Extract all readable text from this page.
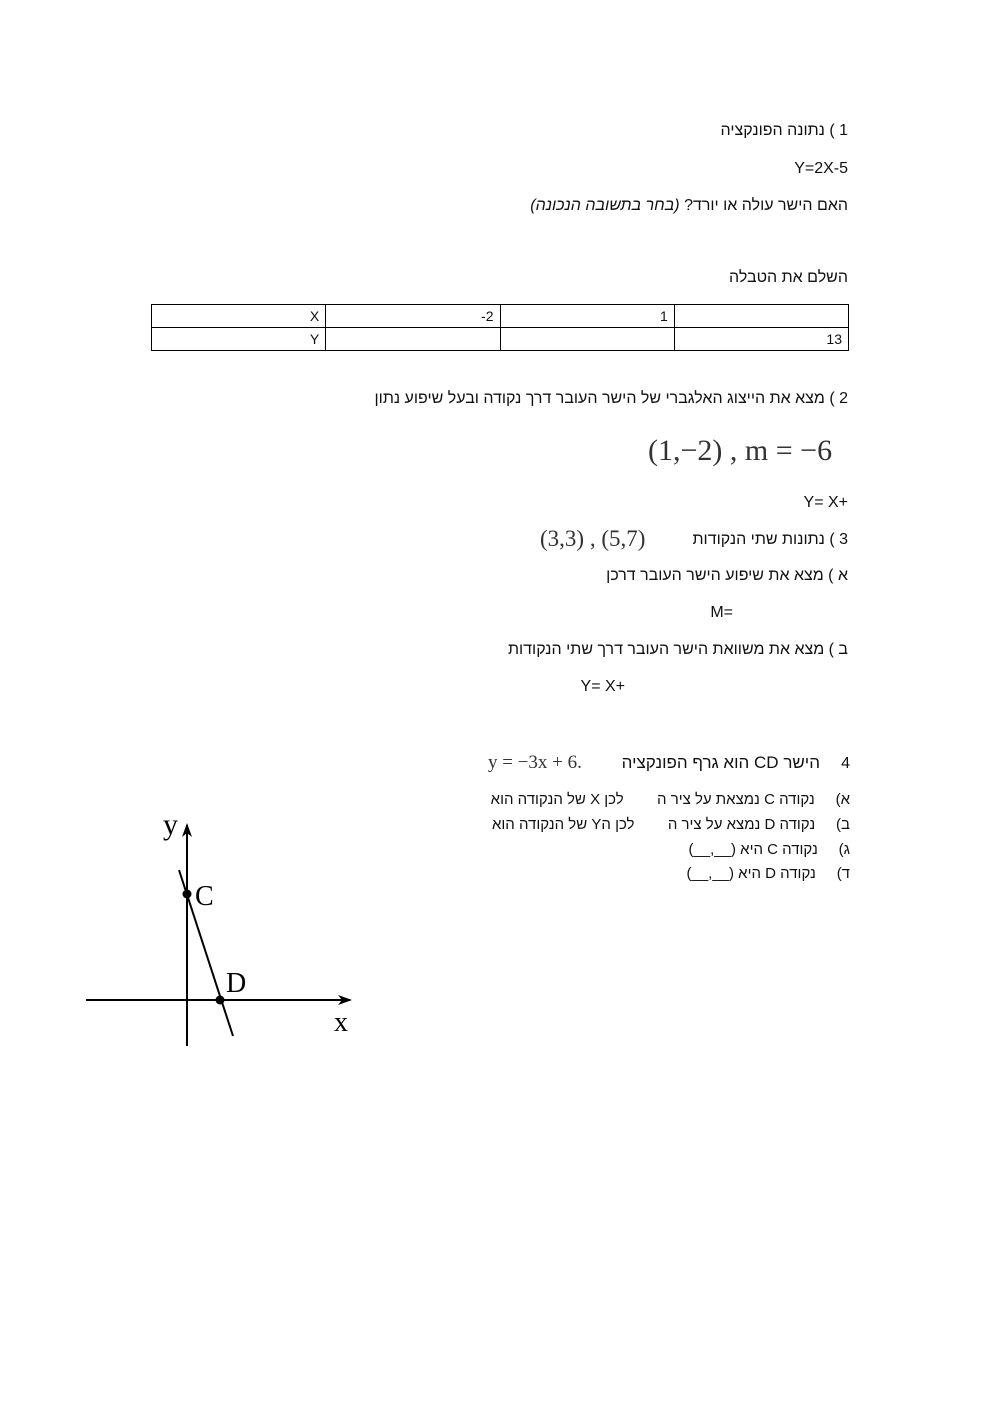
1 ) נתונה הפונקציה
Y=2X-5
האם הישר עולה או יורד? (בחר בתשובה הנכונה)
השלם את הטבלה
X	-2	1	
Y			13
2 ) מצא את הייצוג האלגברי של הישר העובר דרך נקודה ובעל שיפוע נתון
(1,−2) , m = −6
Y= X+
3 ) נתונות שתי הנקודות
(3,3) , (5,7)
א ) מצא את שיפוע הישר העובר דרכן
M=
ב ) מצא את משוואת הישר העובר דרך שתי הנקודות
Y= X+
4
הישר CD הוא גרף הפונקציה
y = −3x + 6.
א)     נקודה C נמצאת על ציר ה        לכן X של הנקודה הוא
ב)     נקודה D נמצא על ציר ה        לכן הY של הנקודה הוא
ג)     נקודה C היא (__,__)
ד)     נקודה D היא (__,__)
y
x
C
D
